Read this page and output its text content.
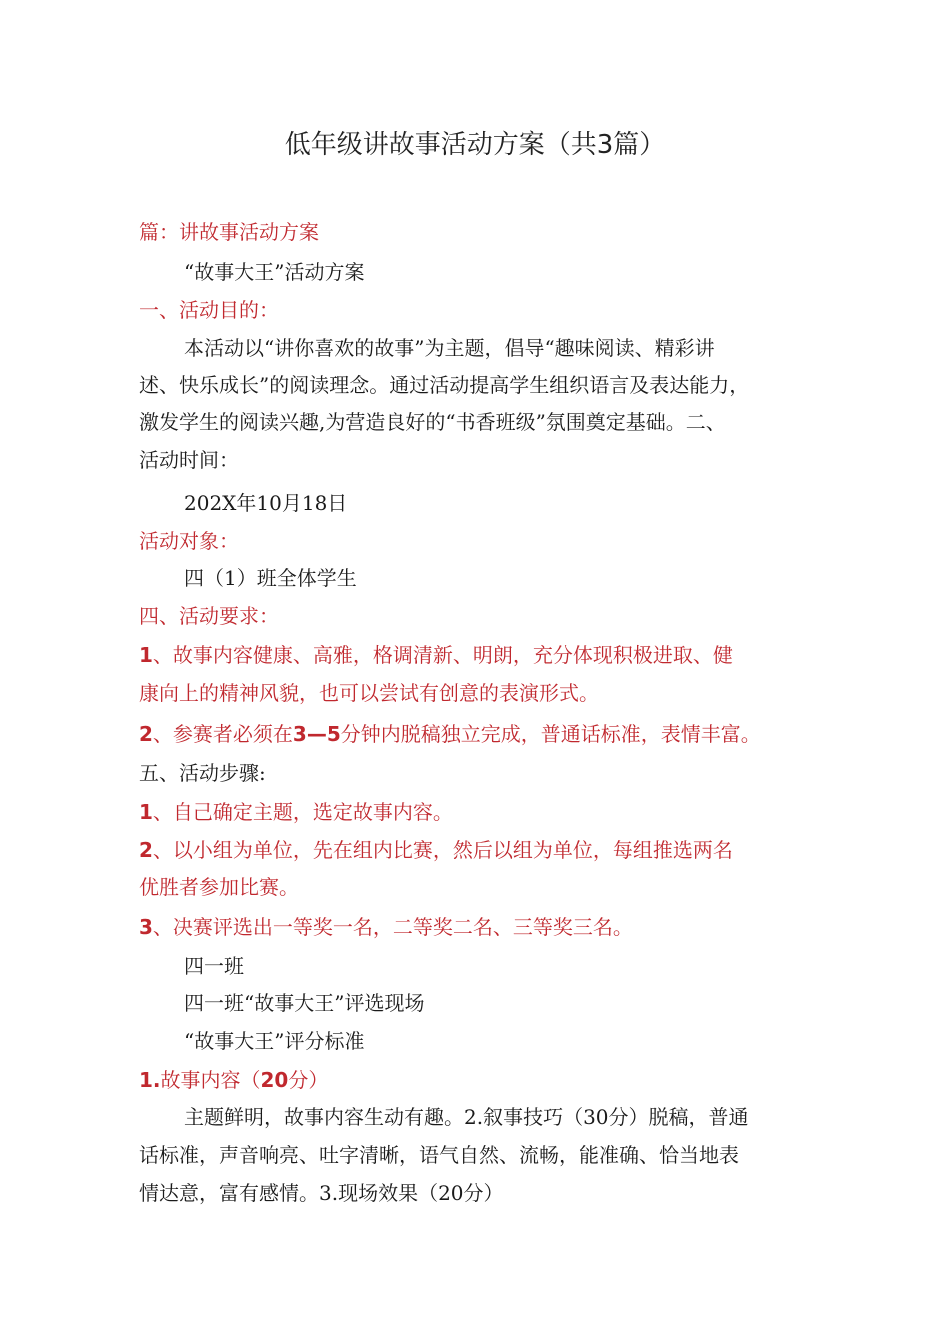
低年级讲故事活动方案（共3篇）
篇：讲故事活动方案
“故事大王”活动方案
一、活动目的：
本活动以“讲你喜欢的故事”为主题，倡导“趣味阅读、精彩讲
述、快乐成长”的阅读理念。通过活动提高学生组织语言及表达能力，
激发学生的阅读兴趣,为营造良好的“书香班级”氛围奠定基础。二、
活动时间：
202X年10月18日
活动对象：
四（1）班全体学生
四、活动要求：
1、故事内容健康、高雅，格调清新、明朗，充分体现积极进取、健
康向上的精神风貌，也可以尝试有创意的表演形式。
2、参赛者必须在3—5分钟内脱稿独立完成，普通话标准，表情丰富。
五、活动步骤:
1、自己确定主题，选定故事内容。
2、以小组为单位，先在组内比赛，然后以组为单位，每组推选两名
优胜者参加比赛。
3、决赛评选出一等奖一名，二等奖二名、三等奖三名。
四一班
四一班“故事大王”评选现场
“故事大王”评分标准
1.故事内容（20分）
主题鲜明，故事内容生动有趣。2.叙事技巧（30分）脱稿，普通
话标准，声音响亮、吐字清晰，语气自然、流畅，能准确、恰当地表
情达意，富有感情。3.现场效果（20分）
